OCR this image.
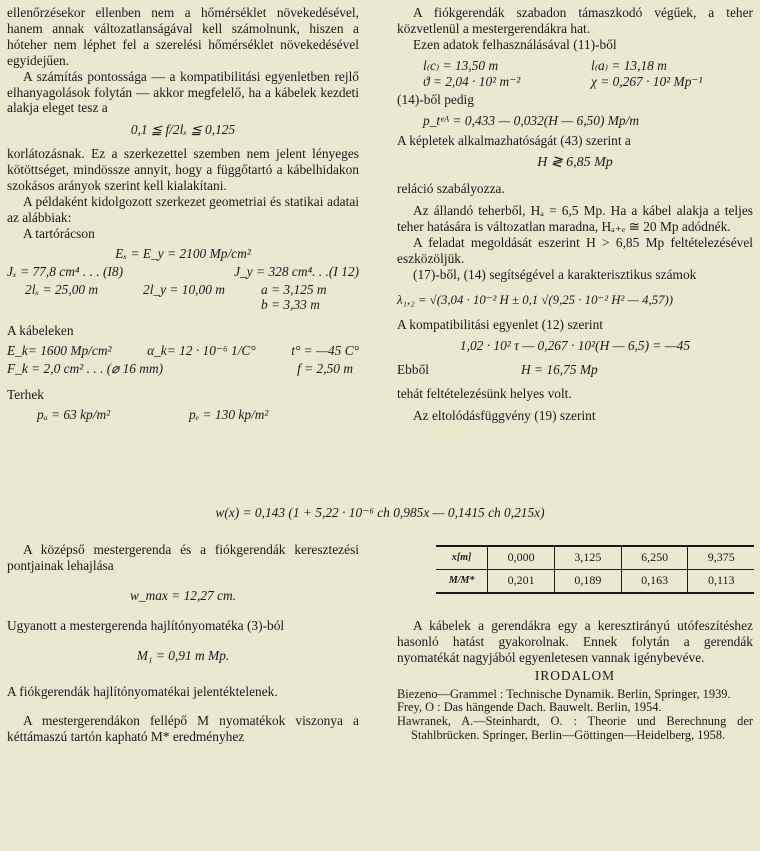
ellenőrzésekor ellenben nem a hőmérséklet növekedésével, hanem annak változatlanságával kell számolnunk, hiszen a hóteher nem léphet fel a szerelési hőmérséklet növekedésével egyidejűen.

A számítás pontossága — a kompatibilitási egyenletben rejlő elhanyagolások folytán — akkor megfelelő, ha a kábelek kezdeti alakja eleget tesz a

0,1 ≦ f/2lₓ ≦ 0,125

korlátozásnak. Ez a szerkezettel szemben nem jelent lényeges kötöttséget, mindössze annyit, hogy a függőtartó a kábelhidakon szokásos arányok szerint kell kialakítani.

A példaként kidolgozott szerkezet geometriai és statikai adatai az alábbiak:

A tartórácson

Eₓ = E_y = 2100 Mp/cm²

Jₓ = 77,8 cm⁴ . . . (I8)	J_y = 328 cm⁴. . .(I 12)
2lₓ = 25,00 m	2l_y = 10,00 m	a = 3,125 m
b = 3,33 m

A kábeleken

E_k= 1600 Mp/cm²	α_k= 12 · 10⁻⁶ 1/C°	t° = —45 C°
F_k = 2,0 cm² . . . (⌀ 16 mm)	f = 2,50 m

Terhek

pₐ = 63 kp/m²	pₑ = 130 kp/m²

A fiókgerendák szabadon támaszkodó végűek, a teher közvetlenül a mestergerendákra hat.

Ezen adatok felhasználásával (11)-ből

l₍c₎ = 13,50 m	l₍a₎ = 13,18 m
ϑ = 2,04 · 10² m⁻²	χ = 0,267 · 10² Mp⁻¹

(14)-ből pedig

p_tᵉᴬ = 0,433 — 0,032(H — 6,50) Mp/m

A képletek alkalmazhatóságát (43) szerint a

H ≷ 6,85 Mp

reláció szabályozza.

Az állandó teherből, Hₐ = 6,5 Mp. Ha a kábel alakja a teljes teher hatására is változatlan maradna, Hₐ₊ₑ ≅ 20 Mp adódnék.

A feladat megoldását eszerint H > 6,85 Mp feltételezésével eszközöljük.

(17)-ből, (14) segítségével a karakterisztikus számok

λ₁,₂ = √(3,04 · 10⁻² H ± 0,1 √(9,25 · 10⁻² H² — 4,57))

A kompatibilitási egyenlet (12) szerint

1,02 · 10² τ — 0,267 · 10²(H — 6,5) = —45

Ebből	H = 16,75 Mp

tehát feltételezésünk helyes volt.

Az eltolódásfüggvény (19) szerint

w(x) = 0,143 (1 + 5,22 · 10⁻⁶ ch 0,985x — 0,1415 ch 0,215x)

A középső mestergerenda és a fiókgerendák keresztezési pontjainak lehajlása

w_max = 12,27 cm.

Ugyanott a mestergerenda hajlítónyomatéka (3)-ból

M₁ = 0,91 m Mp.

A fiókgerendák hajlítónyomatékai jelentéktelenek.

A mestergerendákon fellépő M nyomatékok viszonya a kéttámaszú tartón kapható M* eredményhez

x[m]	0,000	3,125	6,250	9,375
M/M*	0,201	0,189	0,163	0,113

A kábelek a gerendákra egy a keresztirányú utófeszítéshez hasonló hatást gyakorolnak. Ennek folytán a gerendák nyomatékát nagyjából egyenletesen vannak igénybevéve.

IRODALOM

Biezeno—Grammel : Technische Dynamik. Berlin, Springer, 1939.

Frey, O : Das hängende Dach. Bauwelt. Berlin, 1954.

Hawranek, A.—Steinhardt, O. : Theorie und Berechnung der Stahlbrücken. Springer, Berlin—Göttingen—Heidelberg, 1958.
